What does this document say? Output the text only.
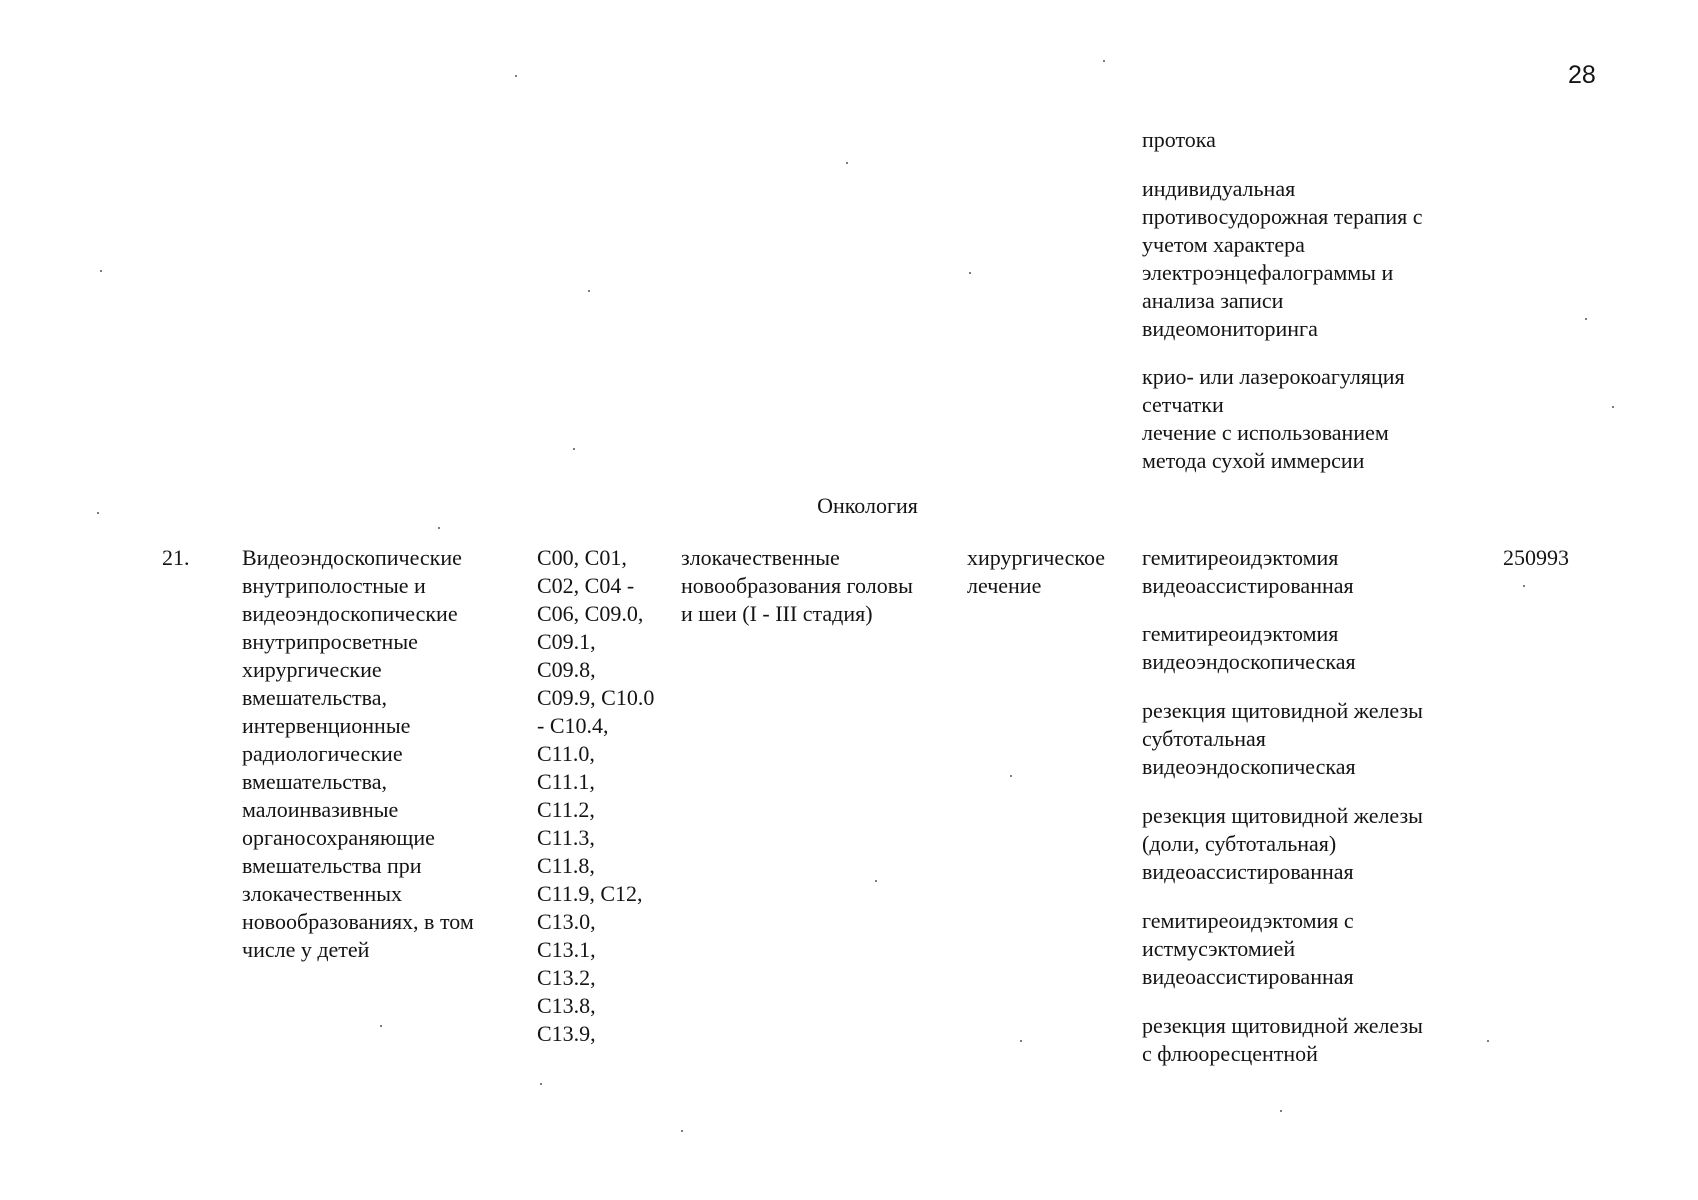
28
протока
индивидуальная
противосудорожная терапия с
учетом характера
электроэнцефалограммы и
анализа записи
видеомониторинга
крио- или лазерокоагуляция
сетчатки
лечение с использованием
метода сухой иммерсии
Онкология
21. Видеоэндоскопические
внутриполостные и
видеоэндоскопические
внутрипросветные
хирургические
вмешательства,
интервенционные
радиологические
вмешательства,
малоинвазивные
органосохраняющие
вмешательства при
злокачественных
новообразованиях, в том
числе у детей
С00, С01,
С02, С04 -
С06, С09.0,
С09.1,
С09.8,
С09.9, С10.0
- С10.4,
С11.0,
С11.1,
С11.2,
С11.3,
С11.8,
С11.9, С12,
С13.0,
С13.1,
С13.2,
С13.8,
С13.9,
злокачественные
новообразования головы
и шеи (I - III стадия)
хирургическое
лечение
250993
гемитиреоидэктомия
видеоассистированная
гемитиреоидэктомия
видеоэндоскопическая
резекция щитовидной железы
субтотальная
видеоэндоскопическая
резекция щитовидной железы
(доли, субтотальная)
видеоассистированная
гемитиреоидэктомия с
истмусэктомией
видеоассистированная
резекция щитовидной железы
с флюоресцентной
